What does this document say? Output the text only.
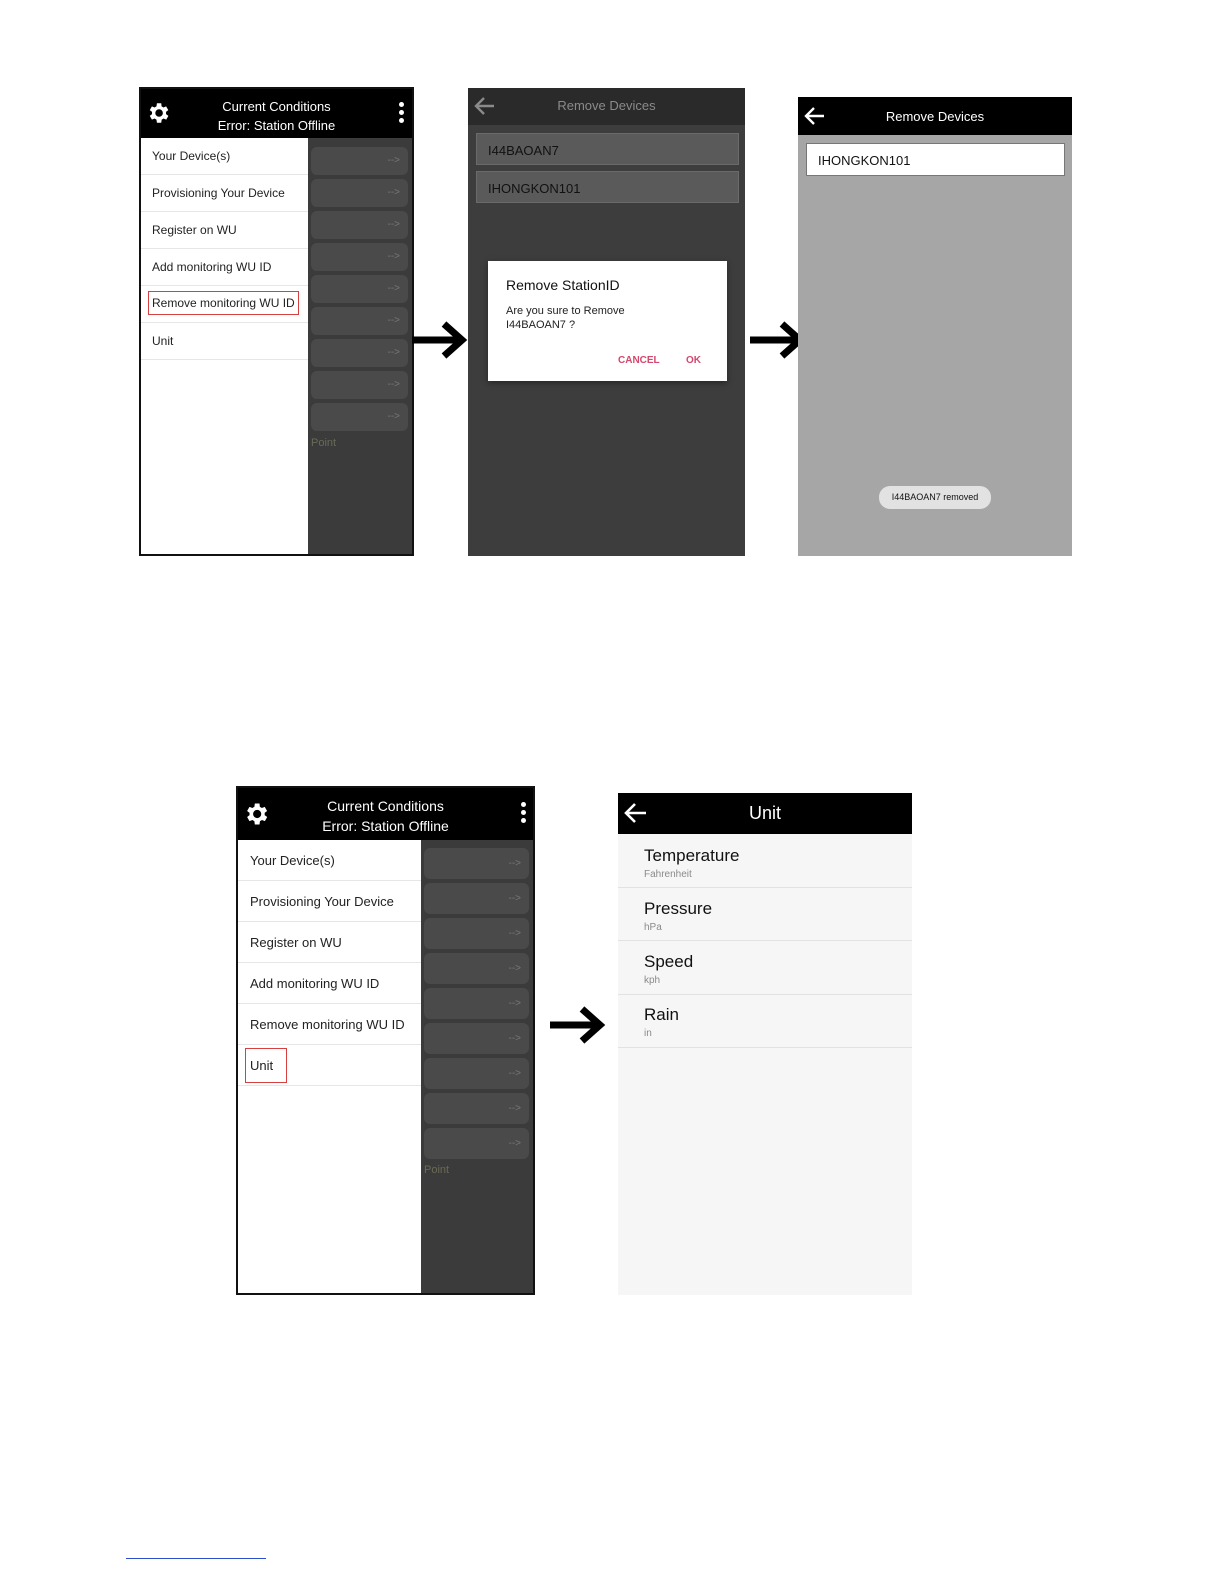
Current Conditions
Error: Station Offline
-->
-->
-->
-->
-->
-->
-->
-->
-->
Point
Your Device(s)
Provisioning Your Device
Register on WU
Add monitoring WU ID
Remove monitoring WU ID
Unit
Remove Devices
I44BAOAN7
IHONGKON101
Remove StationID
Are you sure to Remove I44BAOAN7 ?
CANCEL	OK
Remove Devices
IHONGKON101
I44BAOAN7 removed
Current Conditions
Error: Station Offline
-->
-->
-->
-->
-->
-->
-->
-->
-->
Point
Your Device(s)
Provisioning Your Device
Register on WU
Add monitoring WU ID
Remove monitoring WU ID
Unit
Unit
Temperature
Fahrenheit
Pressure
hPa
Speed
kph
Rain
in
